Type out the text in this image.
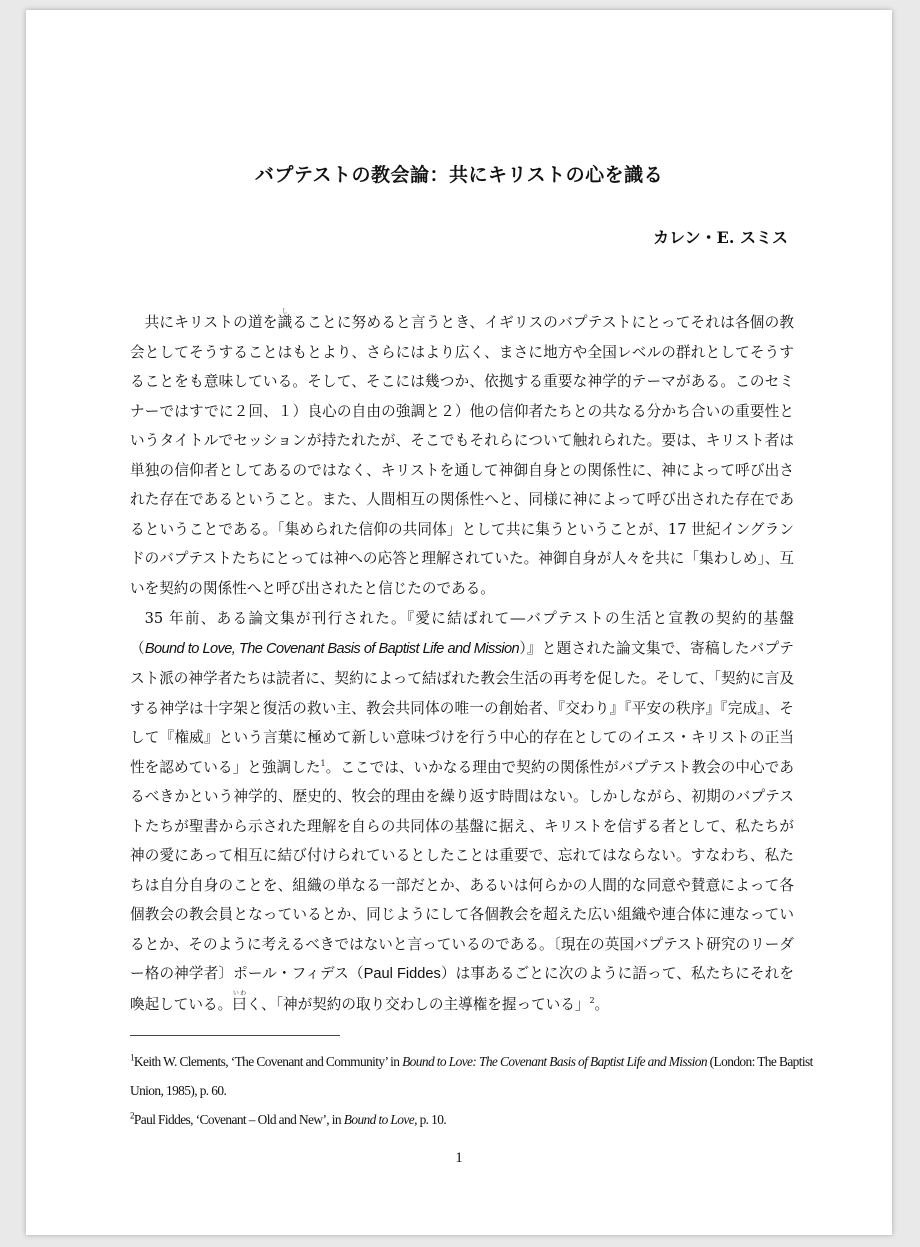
バプテストの教会論：共にキリストの心を識る
カレン・E. スミス

共にキリストの道を識しることに努めると言うとき、イギリスのバプテストにとってそれは各個の教会としてそうすることはもとより、さらにはより広く、まさに地方や全国レベルの群れとしてそうすることをも意味している。そして、そこには幾つか、依拠する重要な神学的テーマがある。このセミナーではすでに２回、１）良心の自由の強調と２）他の信仰者たちとの共なる分かち合いの重要性というタイトルでセッションが持たれたが、そこでもそれらについて触れられた。要は、キリスト者は単独の信仰者としてあるのではなく、キリストを通して神御自身との関係性に、神によって呼び出された存在であるということ。また、人間相互の関係性へと、同様に神によって呼び出された存在であるということである。「集められた信仰の共同体」として共に集うということが、17 世紀イングランドのバプテストたちにとっては神への応答と理解されていた。神御自身が人々を共に「集わしめ」、互いを契約の関係性へと呼び出されたと信じたのである。

35 年前、ある論文集が刊行された。『愛に結ばれて―バプテストの生活と宣教の契約的基盤（Bound to Love, The Covenant Basis of Baptist Life and Mission）』と題された論文集で、寄稿したバプテスト派の神学者たちは読者に、契約によって結ばれた教会生活の再考を促した。そして、「契約に言及する神学は十字架と復活の救い主、教会共同体の唯一の創始者、『交わり』『平安の秩序』『完成』、そして『権威』という言葉に極めて新しい意味づけを行う中心的存在としてのイエス・キリストの正当性を認めている」と強調した$^1$。ここでは、いかなる理由で契約の関係性がバプテスト教会の中心であるべきかという神学的、歴史的、牧会的理由を繰り返す時間はない。しかしながら、初期のバプテストたちが聖書から示された理解を自らの共同体の基盤に据え、キリストを信ずる者として、私たちが神の愛にあって相互に結び付けられているとしたことは重要で、忘れてはならない。すなわち、私たちは自分自身のことを、組織の単なる一部だとか、あるいは何らかの人間的な同意や賛意によって各個教会の教会員となっているとか、同じようにして各個教会を超えた広い組織や連合体に連なっているとか、そのように考えるべきではないと言っているのである。〔現在の英国バプテスト研究のリーダー格の神学者〕ポール・フィデス（Paul Fiddes）は事あるごとに次のように語って、私たちにそれを喚起している。曰いわく、「神が契約の取り交わしの主導権を握っている」$^2$。

$^1$Keith W. Clements, ‘The Covenant and Community’ in Bound to Love: The Covenant Basis of Baptist Life and Mission (London: The Baptist Union, 1985), p. 60.

$^2$Paul Fiddes, ‘Covenant – Old and New’, in Bound to Love, p. 10.

1
